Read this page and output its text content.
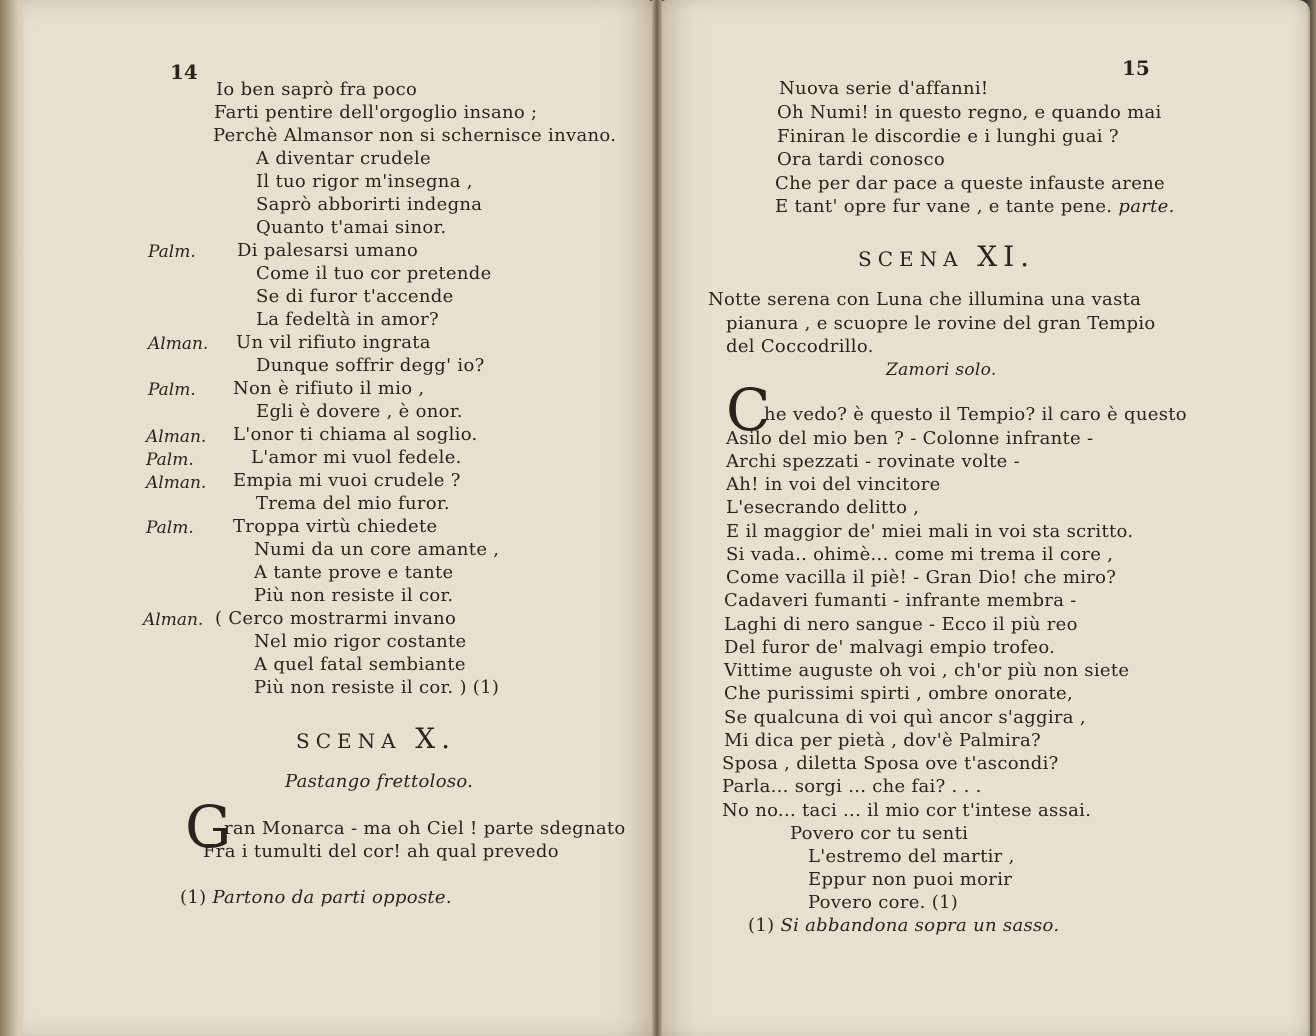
14
Io ben saprò fra poco
Farti pentire dell'orgoglio insano ;
Perchè Almansor non si schernisce invano.
A diventar crudele
Il tuo rigor m'insegna ,
Saprò abborirti indegna
Quanto t'amai sinor.
Palm. Di palesarsi umano
Come il tuo cor pretende
Se di furor t'accende
La fedeltà in amor?
Alman. Un vil rifiuto ingrata
Dunque soffrir degg' io?
Palm. Non è rifiuto il mio ,
Egli è dovere , è onor.
Alman. L'onor ti chiama al soglio.
Palm.	L'amor mi vuol fedele.
Alman. Empia mi vuoi crudele ?
Trema del mio furor.
Palm. Troppa virtù chiedete
Numi da un core amante ,
A tante prove e tante
Più non resiste il cor.
Alman. ( Cerco mostrarmi invano
Nel mio rigor costante
A quel fatal sembiante
Più non resiste il cor. ) (1)
SCENA X.
Pastango frettoloso.
G
ran Monarca - ma oh Ciel ! parte sdegnato
Fra i tumulti del cor! ah qual prevedo
(1) Partono da parti opposte.
15
Nuova serie d'affanni!
Oh Numi! in questo regno, e quando mai
Finiran le discordie e i lunghi guai ?
Ora tardi conosco
Che per dar pace a queste infauste arene
E tant' opre fur vane , e tante pene. parte.
SCENA XI.
Notte serena con Luna che illumina una vasta
pianura , e scuopre le rovine del gran Tempio
del Coccodrillo.
Zamori solo.
C
he vedo? è questo il Tempio? il caro è questo
Asilo del mio ben ? - Colonne infrante -
Archi spezzati - rovinate volte -
Ah! in voi del vincitore
L'esecrando delitto ,
E il maggior de' miei mali in voi sta scritto.
Si vada.. ohimè... come mi trema il core ,
Come vacilla il piè! - Gran Dio! che miro?
Cadaveri fumanti - infrante membra -
Laghi di nero sangue - Ecco il più reo
Del furor de' malvagi empio trofeo.
Vittime auguste oh voi , ch'or più non siete
Che purissimi spirti , ombre onorate,
Se qualcuna di voi quì ancor s'aggira ,
Mi dica per pietà , dov'è Palmira?
Sposa , diletta Sposa ove t'ascondi?
Parla... sorgi ... che fai? . . .
No no... taci ... il mio cor t'intese assai.
Povero cor tu senti
L'estremo del martir ,
Eppur non puoi morir
Povero core. (1)
(1) Si abbandona sopra un sasso.
